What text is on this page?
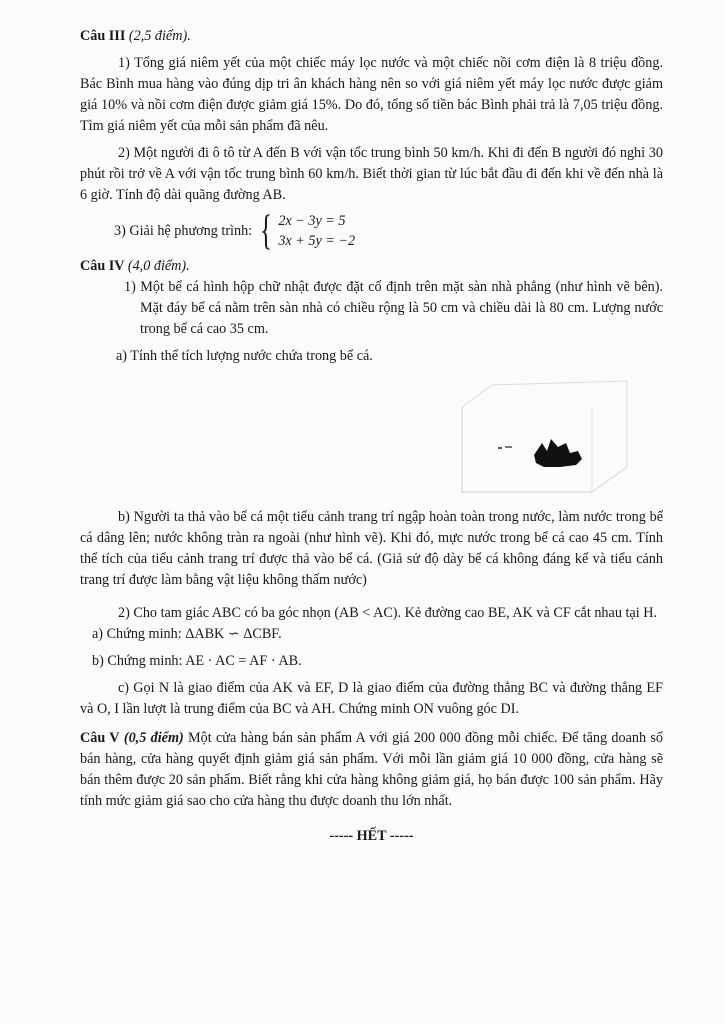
Câu III (2,5 điểm).

1) Tổng giá niêm yết của một chiếc máy lọc nước và một chiếc nồi cơm điện là 8 triệu đồng. Bác Bình mua hàng vào đúng dịp tri ân khách hàng nên so với giá niêm yết máy lọc nước được giảm giá 10% và nồi cơm điện được giảm giá 15%. Do đó, tổng số tiền bác Bình phải trả là 7,05 triệu đồng. Tìm giá niêm yết của mỗi sản phẩm đã nêu.

2) Một người đi ô tô từ A đến B với vận tốc trung bình 50 km/h. Khi đi đến B người đó nghỉ 30 phút rồi trở về A với vận tốc trung bình 60 km/h. Biết thời gian từ lúc bắt đầu đi đến khi về đến nhà là 6 giờ. Tính độ dài quãng đường AB.

3) Giải hệ phương trình: { 2x − 3y = 5
3x + 5y = −2

Câu IV (4,0 điểm).

1) Một bể cá hình hộp chữ nhật được đặt cố định trên mặt sàn nhà phẳng (như hình vẽ bên). Mặt đáy bể cá nằm trên sàn nhà có chiều rộng là 50 cm và chiều dài là 80 cm. Lượng nước trong bể cá cao 35 cm.

a) Tính thể tích lượng nước chứa trong bể cá.

b) Người ta thả vào bể cá một tiểu cảnh trang trí ngập hoàn toàn trong nước, làm nước trong bể cá dâng lên; nước không tràn ra ngoài (như hình vẽ). Khi đó, mực nước trong bể cá cao 45 cm. Tính thể tích của tiểu cảnh trang trí được thả vào bể cá. (Giả sử độ dày bể cá không đáng kể và tiểu cảnh trang trí được làm bằng vật liệu không thấm nước)

2) Cho tam giác ABC có ba góc nhọn (AB < AC). Kẻ đường cao BE, AK và CF cắt nhau tại H.

a) Chứng minh: ΔABK ∽ ΔCBF.

b) Chứng minh: AE · AC = AF · AB.

c) Gọi N là giao điểm của AK và EF, D là giao điểm của đường thẳng BC và đường thẳng EF và O, I lần lượt là trung điểm của BC và AH. Chứng minh ON vuông góc DI.

Câu V (0,5 điểm) Một cửa hàng bán sản phẩm A với giá 200 000 đồng mỗi chiếc. Để tăng doanh số bán hàng, cửa hàng quyết định giảm giá sản phẩm. Với mỗi lần giảm giá 10 000 đồng, cửa hàng sẽ bán thêm được 20 sản phẩm. Biết rằng khi cửa hàng không giảm giá, họ bán được 100 sản phẩm. Hãy tính mức giảm giá sao cho cửa hàng thu được doanh thu lớn nhất.

----- HẾT -----
